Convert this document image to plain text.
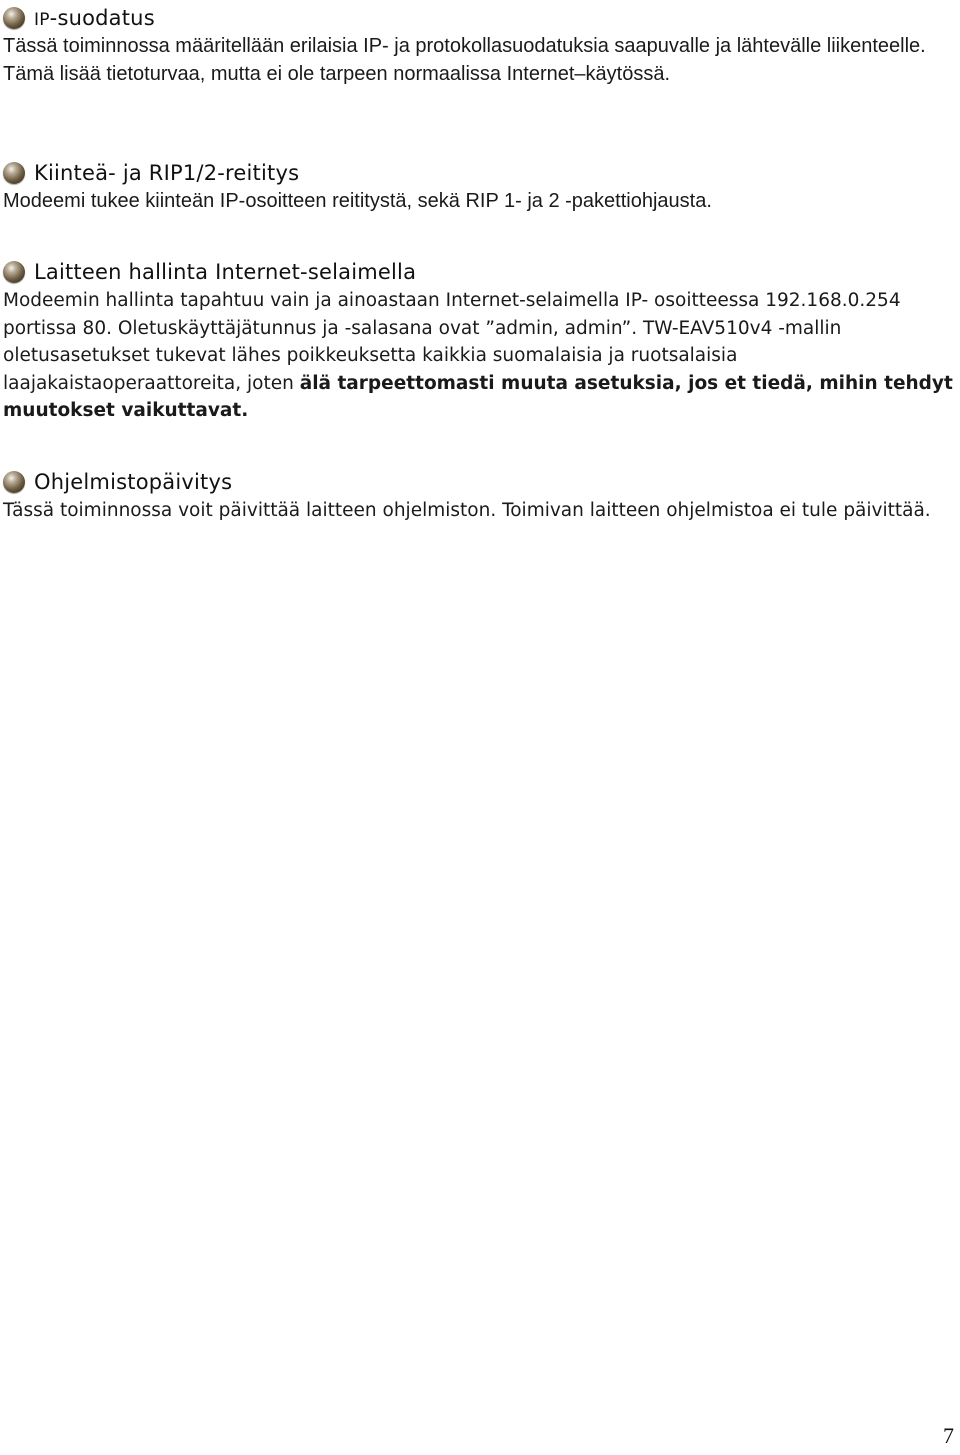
IP-suodatus

Tässä toiminnossa määritellään erilaisia IP- ja protokollasuodatuksia saapuvalle ja lähtevälle liikenteelle. Tämä lisää tietoturvaa, mutta ei ole tarpeen normaalissa Internet–käytössä.

Kiinteä- ja RIP1/2-reititys

Modeemi tukee kiinteän IP-osoitteen reititystä, sekä RIP 1- ja 2 -pakettiohjausta.

Laitteen hallinta Internet-selaimella

Modeemin hallinta tapahtuu vain ja ainoastaan Internet-selaimella IP- osoitteessa 192.168.0.254 portissa 80. Oletuskäyttäjätunnus ja -salasana ovat ”admin, admin”. TW-EAV510v4 -mallin oletusasetukset tukevat lähes poikkeuksetta kaikkia suomalaisia ja ruotsalaisia laajakaistaoperaattoreita, joten älä tarpeettomasti muuta asetuksia, jos et tiedä, mihin tehdyt muutokset vaikuttavat.

Ohjelmistopäivitys

Tässä toiminnossa voit päivittää laitteen ohjelmiston. Toimivan laitteen ohjelmistoa ei tule päivittää.

7
